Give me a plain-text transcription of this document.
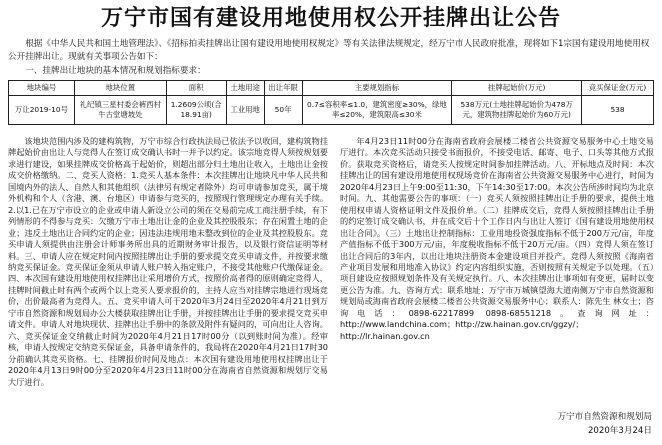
万宁市国有建设用地使用权公开挂牌出让公告

根据《中华人民共和国土地管理法》、《招标拍卖挂牌出让国有建设用地使用权规定》等有关法律法规规定，经万宁市人民政府批准，现将如下1宗国有建设用地使用权公开挂牌出让。现就有关事项公告如下：

一、挂牌出让地块的基本情况和规划指标要求：

地块编号	地块位置	面积	土地用途	出让年限	主要规划指标	挂牌起始价(万元)	竞买保证金(万元)
万让2019-10号	礼纪镇三星村委会裤西村牛古堂塘坡处	1.2609公顷(合18.91亩)	工业用地	50年	0.7≤容积率≤1.0，建筑密度≥30%，绿地率≤20%，建筑限高≤30米	538万元(土地挂牌起始价为478万元，建筑物挂牌起始价为60万元)	538

该地块范围内涉及的建构筑物，万宁市综合行政执法局已依法予以收回，建构筑物挂牌起始价由出让人与竞得人在签订成交确认书时一并予以约定。该宗地竞得人须按规划要求进行建设，如果挂牌成交价格高于起始价，则超出部分归土地出让收入，土地出让金按成交价格缴纳。二、竞买人资格：1.竞买人基本条件：本次挂牌出让地块凡中华人民共和国境内外的法人、自然人和其他组织（法律另有规定者除外）均可申请参加竞买，属于境外机构和个人（含港、澳、台地区）申请参与竞买的，按照现行管理规定办理有关手续。2.以1.已在万宁市设立的企业或申请人新设立公司的须在交易前完成工商注册手续，有下列情形的不得参与竞买：欠缴万宁市土地出让金的企业及其控股股东；存在闲置土地的企业；违反土地出让合同约定的企业；因违法违规用地未整改到位的企业及其控股股东。竞买申请人须提供由注册会计师事务所出具的近期财务审计报告，以及银行资信证明等材料。三、申请人应在规定时间内按照挂牌出让手册的要求提交竞买申请文件，并按要求缴纳竞买保证金。竞买保证金须从申请人账户转入指定账户，不接受其他账户代缴保证金。四、本次国有建设用地使用权挂牌出让采用增价方式，按照价高者得的原则确定竞得人，挂牌时间截止时有两个或两个以上竞买人要求报价的，主持人应当对挂牌宗地进行现场竞价，出价最高者为竞得人。五、竞买申请人可于2020年3月24日至2020年4月21日到万宁市自然资源和规划局办公大楼获取挂牌出让手册，并按挂牌出让手册的要求提交竞买申请文件。申请人对地块现状、挂牌出让手册中的条款及附件有疑问的，可向出让人咨询。六、竞买保证金交纳截止时间为2020年4月21日17时00分（以到账时间为准）。经审核，申请人按规定交纳竞买保证金，具备申请条件的，我局将在2020年4月21日17时30分前确认其竞买资格。七、挂牌报价时间及地点：本次国有建设用地使用权挂牌出让于2020年4月13日9时00分至2020年4月23日11时00分在海南省自然资源和规划厅交易大厅进行。

年4月23日11时00分在海南省政府会展楼二楼省公共资源交易服务中心土地交易厅进行。本次竞买活动只接受书面报价，不接受电话、邮寄、电子、口头等其他方式报价。获取竞买资格后，请竞买人按规定时间参加挂牌活动。八、开标地点及时间：本次挂牌出让的国有建设用地使用权现场竞价在海南省公共资源交易服务中心进行，时间为2020年4月23日上午9:00至11:30，下午14:30至17:00。本次公告所涉时间均为北京时间。九、其他需要公告的事项：（一）竞买人须按照挂牌出让手册的要求，提供土地使用权申请人资格证明文件及报价单。（二）挂牌成交后，竞得人须按照挂牌出让手册的约定签订成交确认书，并在成交后十个工作日内与出让人签订《国有建设用地使用权出让合同》。（三）土地出让控制指标：工业用地投资强度指标不低于200万元/亩，年度产值指标不低于300万元/亩，年度税收指标不低于20万元/亩。（四）竞得人须在签订出让合同后的3年内，以出让地块注册资本金建设项目并投产。竞得人须按照《海南省产业项目发展和用地准入协议》约定内容组织实施，否则按照有关规定予以处理。（五）项目建设应按照规划条件及有关规定执行。八、本次挂牌出让事项如有变更，届时以变更公告为准。九、咨询方式：联系地址：万宁市万城镇望海大道南侧万宁市自然资源和规划局或海南省政府会展楼二楼省公共资源交易服务中心；联系人：陈先生 林女士；咨询电话：0898-62217899 0898-68551218。查询网址：http://www.landchina.com；http://zw.hainan.gov.cn/ggzy/；http://lr.hainan.gov.cn

万宁市自然资源和规划局
2020年3月24日
